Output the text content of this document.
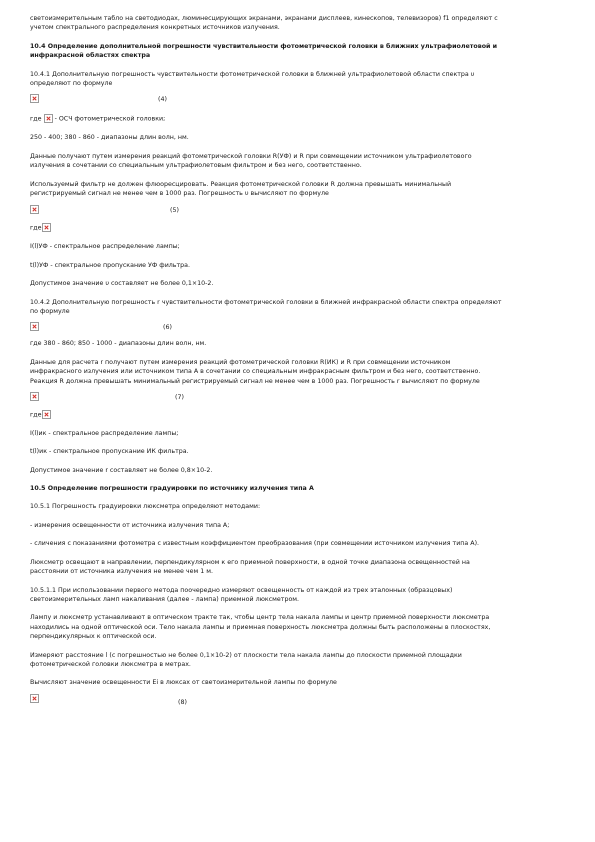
светоизмерительным табло на светодиодах, люминесцирующих экранами, экранами дисплеев, кинескопов, телевизоров) f1 определяют с

учетом спектрального распределения конкретных источников излучения.

10.4 Определение дополнительной погрешности чувствительности фотометрической головки в ближних ультрафиолетовой и

инфракрасной областях спектра

10.4.1 Дополнительную погрешность чувствительности фотометрической головки в ближней ультрафиолетовой области спектра υ

определяют по формуле

(4)

где - ОСЧ фотометрической головки;

250 - 400; 380 - 860 - диапазоны длин волн, нм.

Данные получают путем измерения реакций фотометрической головки R(УФ) и R при совмещении источником ультрафиолетового

излучения в сочетании со специальным ультрафиолетовым фильтром и без него, соответственно.

Используемый фильтр не должен флюоресцировать. Реакция фотометрической головки R должна превышать минимальный

регистрируемый сигнал не менее чем в 1000 раз. Погрешность υ вычисляют по формуле

(5)

где

I(l)УФ - спектральное распределение лампы;

t(l)УФ - спектральное пропускание УФ фильтра.

Допустимое значение υ составляет не более 0,1×10-2.

10.4.2 Дополнительную погрешность r чувствительности фотометрической головки в ближней инфракрасной области спектра определяют

по формуле

(6)

где 380 - 860; 850 - 1000 - диапазоны длин волн, нм.

Данные для расчета r получают путем измерения реакций фотометрической головки R(ИК) и R при совмещении источником

инфракрасного излучения или источником типа А в сочетании со специальным инфракрасным фильтром и без него, соответственно.

Реакция R должна превышать минимальный регистрируемый сигнал не менее чем в 1000 раз. Погрешность r вычисляют по формуле

(7)

где

I(l)ик - спектральное распределение лампы;

t(l)ик - спектральное пропускание ИК фильтра.

Допустимое значение r составляет не более 0,8×10-2.

10.5 Определение погрешности градуировки по источнику излучения типа А

10.5.1 Погрешность градуировки люксметра определяют методами:

- измерения освещенности от источника излучения типа А;

- сличения с показаниями фотометра с известным коэффициентом преобразования (при совмещении источником излучения типа А).

Люксметр освещают в направлении, перпендикулярном к его приемной поверхности, в одной точке диапазона освещенностей на

расстоянии от источника излучения не менее чем 1 м.

10.5.1.1 При использовании первого метода поочередно измеряют освещенность от каждой из трех эталонных (образцовых)

светоизмерительных ламп накаливания (далее - лампа) приемной люксметром.

Лампу и люксметр устанавливают в оптическом тракте так, чтобы центр тела накала лампы и центр приемной поверхности люксметра

находились на одной оптической оси. Тело накала лампы и приемная поверхность люксметра должны быть расположены в плоскостях,

перпендикулярных к оптической оси.

Измеряют расстояние l (с погрешностью не более 0,1×10-2) от плоскости тела накала лампы до плоскости приемной площадки

фотометрической головки люксметра в метрах.

Вычисляют значение освещенности Ei в люксах от светоизмерительной лампы по формуле

(8)
